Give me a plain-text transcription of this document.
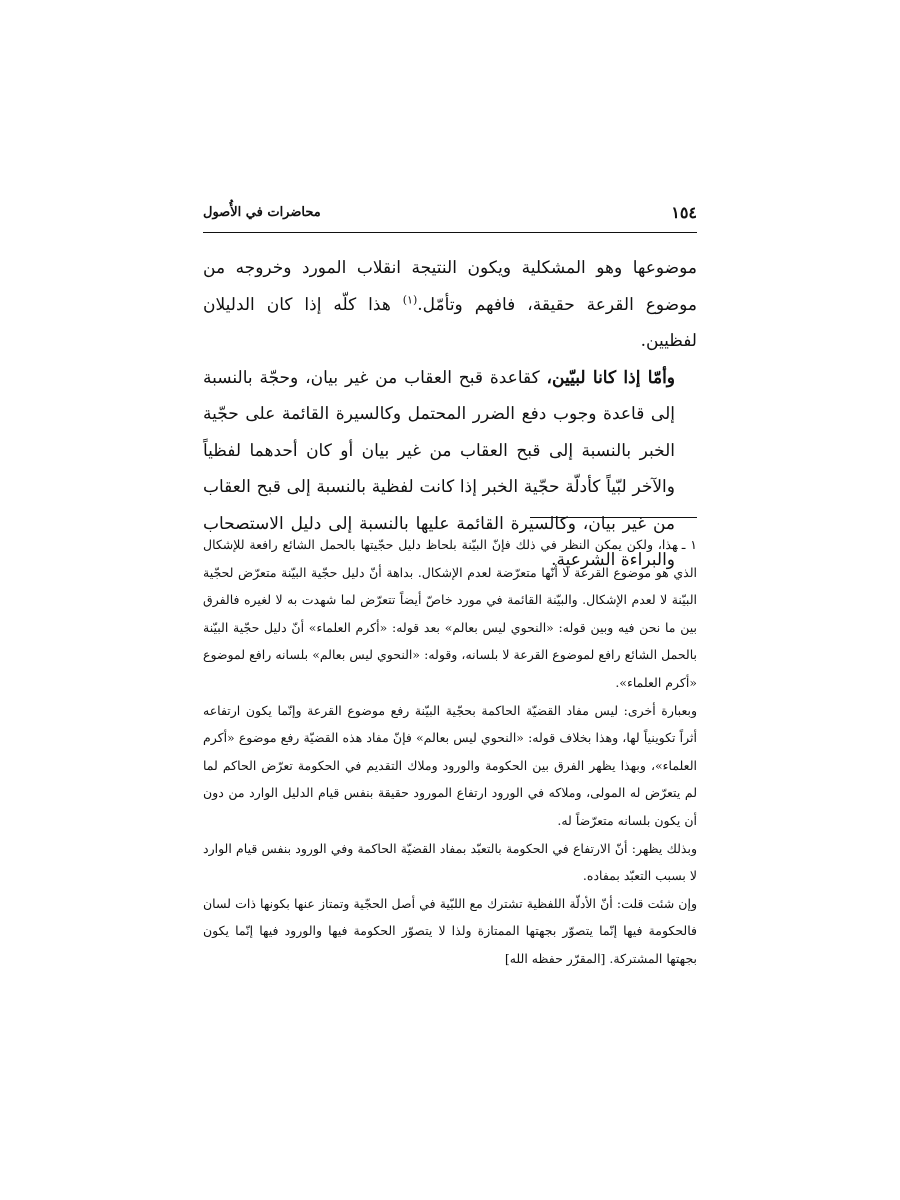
١٥٤
محاضرات في الأُصول

موضوعها وهو المشكلية ويكون النتيجة انقلاب المورد وخروجه من موضوع القرعة حقيقة، فافهم وتأمّل.$^{(١)}$ هذا كلّه إذا كان الدليلان لفظيين.

وأمّا إذا كانا لبيّين، كقاعدة قبح العقاب من غير بيان، وحجّة بالنسبة إلى قاعدة وجوب دفع الضرر المحتمل وكالسيرة القائمة على حجّية الخبر بالنسبة إلى قبح العقاب من غير بيان أو كان أحدهما لفظياً والآخر لبّياً كأدلّة حجّية الخبر إذا كانت لفظية بالنسبة إلى قبح العقاب من غير بيان، وكالسيرة القائمة عليها بالنسبة إلى دليل الاستصحاب والبراءة الشرعية.

١ ـهذا، ولكن يمكن النظر في ذلك فإنّ البيّنة بلحاظ دليل حجّيتها بالحمل الشائع رافعة للإشكال الذي هو موضوع القرعة لا أنّها متعرّضة لعدم الإشكال. بداهة أنّ دليل حجّية البيّنة متعرّض لحجّية البيّنة لا لعدم الإشكال. والبيّنة القائمة في مورد خاصّ أيضاً تتعرّض لما شهدت به لا لغيره فالفرق بين ما نحن فيه وبين قوله: «النحوي ليس بعالم» بعد قوله: «أكرم العلماء» أنّ دليل حجّية البيّنة بالحمل الشائع رافع لموضوع القرعة لا بلسانه، وقوله: «النحوي ليس بعالم» بلسانه رافع لموضوع «أكرم العلماء».

وبعبارة أخرى: ليس مفاد القضيّة الحاكمة بحجّية البيّنة رفع موضوع القرعة وإنّما يكون ارتفاعه أثراً تكوينياً لها، وهذا بخلاف قوله: «النحوي ليس بعالم» فإنّ مفاد هذه القضيّة رفع موضوع «أكرم العلماء»، وبهذا يظهر الفرق بين الحكومة والورود وملاك التقديم في الحكومة تعرّض الحاكم لما لم يتعرّض له المولى، وملاكه في الورود ارتفاع المورود حقيقة بنفس قيام الدليل الوارد من دون أن يكون بلسانه متعرّضاً له.

وبذلك يظهر: أنّ الارتفاع في الحكومة بالتعبّد بمفاد القضيّة الحاكمة وفي الورود بنفس قيام الوارد لا بسبب التعبّد بمفاده.

وإن شئت قلت: أنّ الأدلّة اللفظية تشترك مع اللبّية في أصل الحجّية وتمتاز عنها بكونها ذات لسان فالحكومة فيها إنّما يتصوّر بجهتها الممتازة ولذا لا يتصوّر الحكومة فيها والورود فيها إنّما يكون بجهتها المشتركة. [المقرّر حفظه الله]
